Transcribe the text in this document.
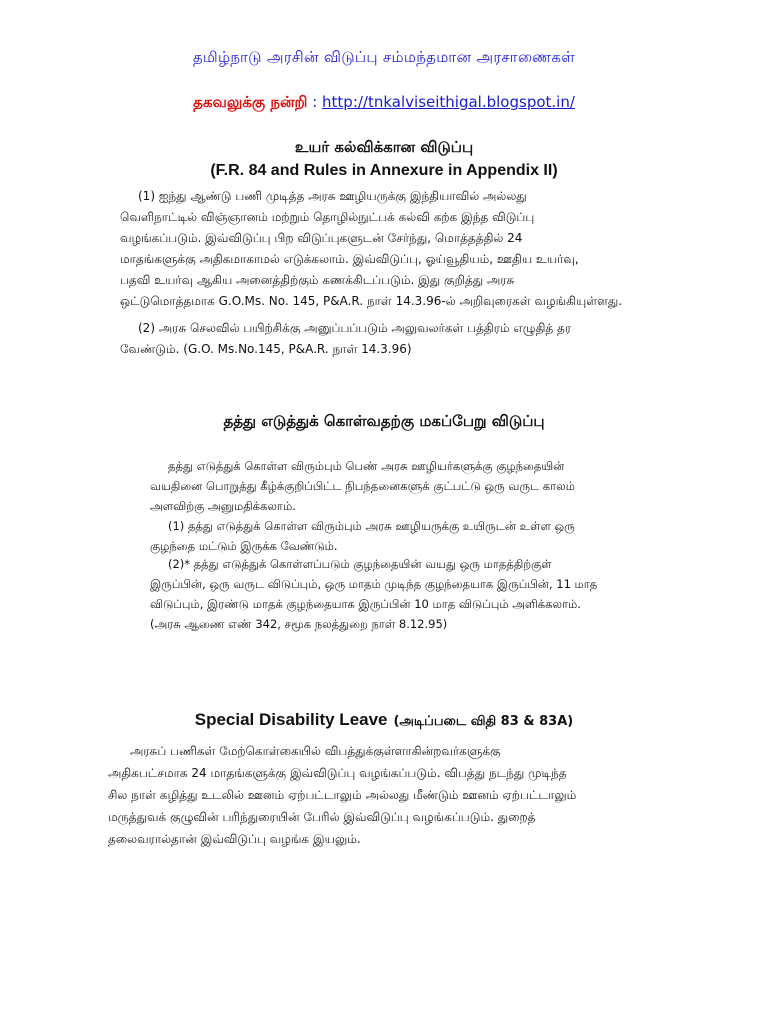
தமிழ்நாடு அரசின் விடுப்பு சம்மந்தமான அரசாணைகள்
தகவலுக்கு நன்றி : http://tnkalviseithigal.blogspot.in/
உயர் கல்விக்கான விடுப்பு
(F.R. 84 and Rules in Annexure in Appendix II)
(1) ஐந்து ஆண்டு பணி முடித்த அரசு ஊழியருக்கு இந்தியாவில் அல்லது
வெளிநாட்டில் விஞ்ஞானம் மற்றும் தொழில்நுட்பக் கல்வி கற்க இந்த விடுப்பு
வழங்கப்படும். இவ்விடுப்பு பிற விடுப்புகளுடன் சேர்ந்து, மொத்தத்தில் 24
மாதங்களுக்கு அதிகமாகாமல் எடுக்கலாம். இவ்விடுப்பு, ஓய்வூதியம், ஊதிய உயர்வு,
பதவி உயர்வு ஆகிய அனைத்திற்கும் கணக்கிடப்படும். இது குறித்து அரசு
ஒட்டுமொத்தமாக G.O.Ms. No. 145, P&A.R. நாள் 14.3.96-ல் அறிவுரைகள் வழங்கியுள்ளது.
(2) அரசு செலவில் பயிற்சிக்கு அனுப்பப்படும் அலுவலர்கள் பத்திரம் எழுதித் தர
வேண்டும். (G.O. Ms.No.145, P&A.R. நாள் 14.3.96)
தத்து எடுத்துக் கொள்வதற்கு மகப்பேறு விடுப்பு
தத்து எடுத்துக் கொள்ள விரும்பும் பெண் அரசு ஊழியர்களுக்கு குழந்தையின்
வயதினை பொறுத்து கீழ்க்குறிப்பிட்ட நிபந்தனைகளுக் குட்பட்டு ஒரு வருட காலம்
அளவிற்கு அனுமதிக்கலாம்.
(1) தத்து எடுத்துக் கொள்ள விரும்பும் அரசு ஊழியருக்கு உயிருடன் உள்ள ஒரு
குழந்தை மட்டும் இருக்க வேண்டும்.
(2)* தத்து எடுத்துக் கொள்ளப்படும் குழந்தையின் வயது ஒரு மாதத்திற்குள்
இருப்பின், ஒரு வருட விடுப்பும், ஒரு மாதம் முடிந்த குழந்தையாக இருப்பின், 11 மாத
விடுப்பும், இரண்டு மாதக் குழந்தையாக இருப்பின் 10 மாத விடுப்பும் அளிக்கலாம்.
(அரசு ஆணை எண் 342, சமூக நலத்துறை நாள் 8.12.95)
Special Disability Leave (அடிப்படை விதி 83 & 83A)
அரசுப் பணிகள் மேற்கொள்கையில் விபத்துக்குள்ளாகின்றவர்களுக்கு
அதிகபட்சமாக 24 மாதங்களுக்கு இவ்விடுப்பு வழங்கப்படும். விபத்து நடந்து முடிந்த
சில நாள் கழித்து உடலில் ஊனம் ஏற்பட்டாலும் அல்லது மீண்டும் ஊனம் ஏற்பட்டாலும்
மருத்துவக் குழுவின் பரிந்துரையின் பேரில் இவ்விடுப்பு வழங்கப்படும். துறைத்
தலைவரால்தான் இவ்விடுப்பு வழங்க இயலும்.
